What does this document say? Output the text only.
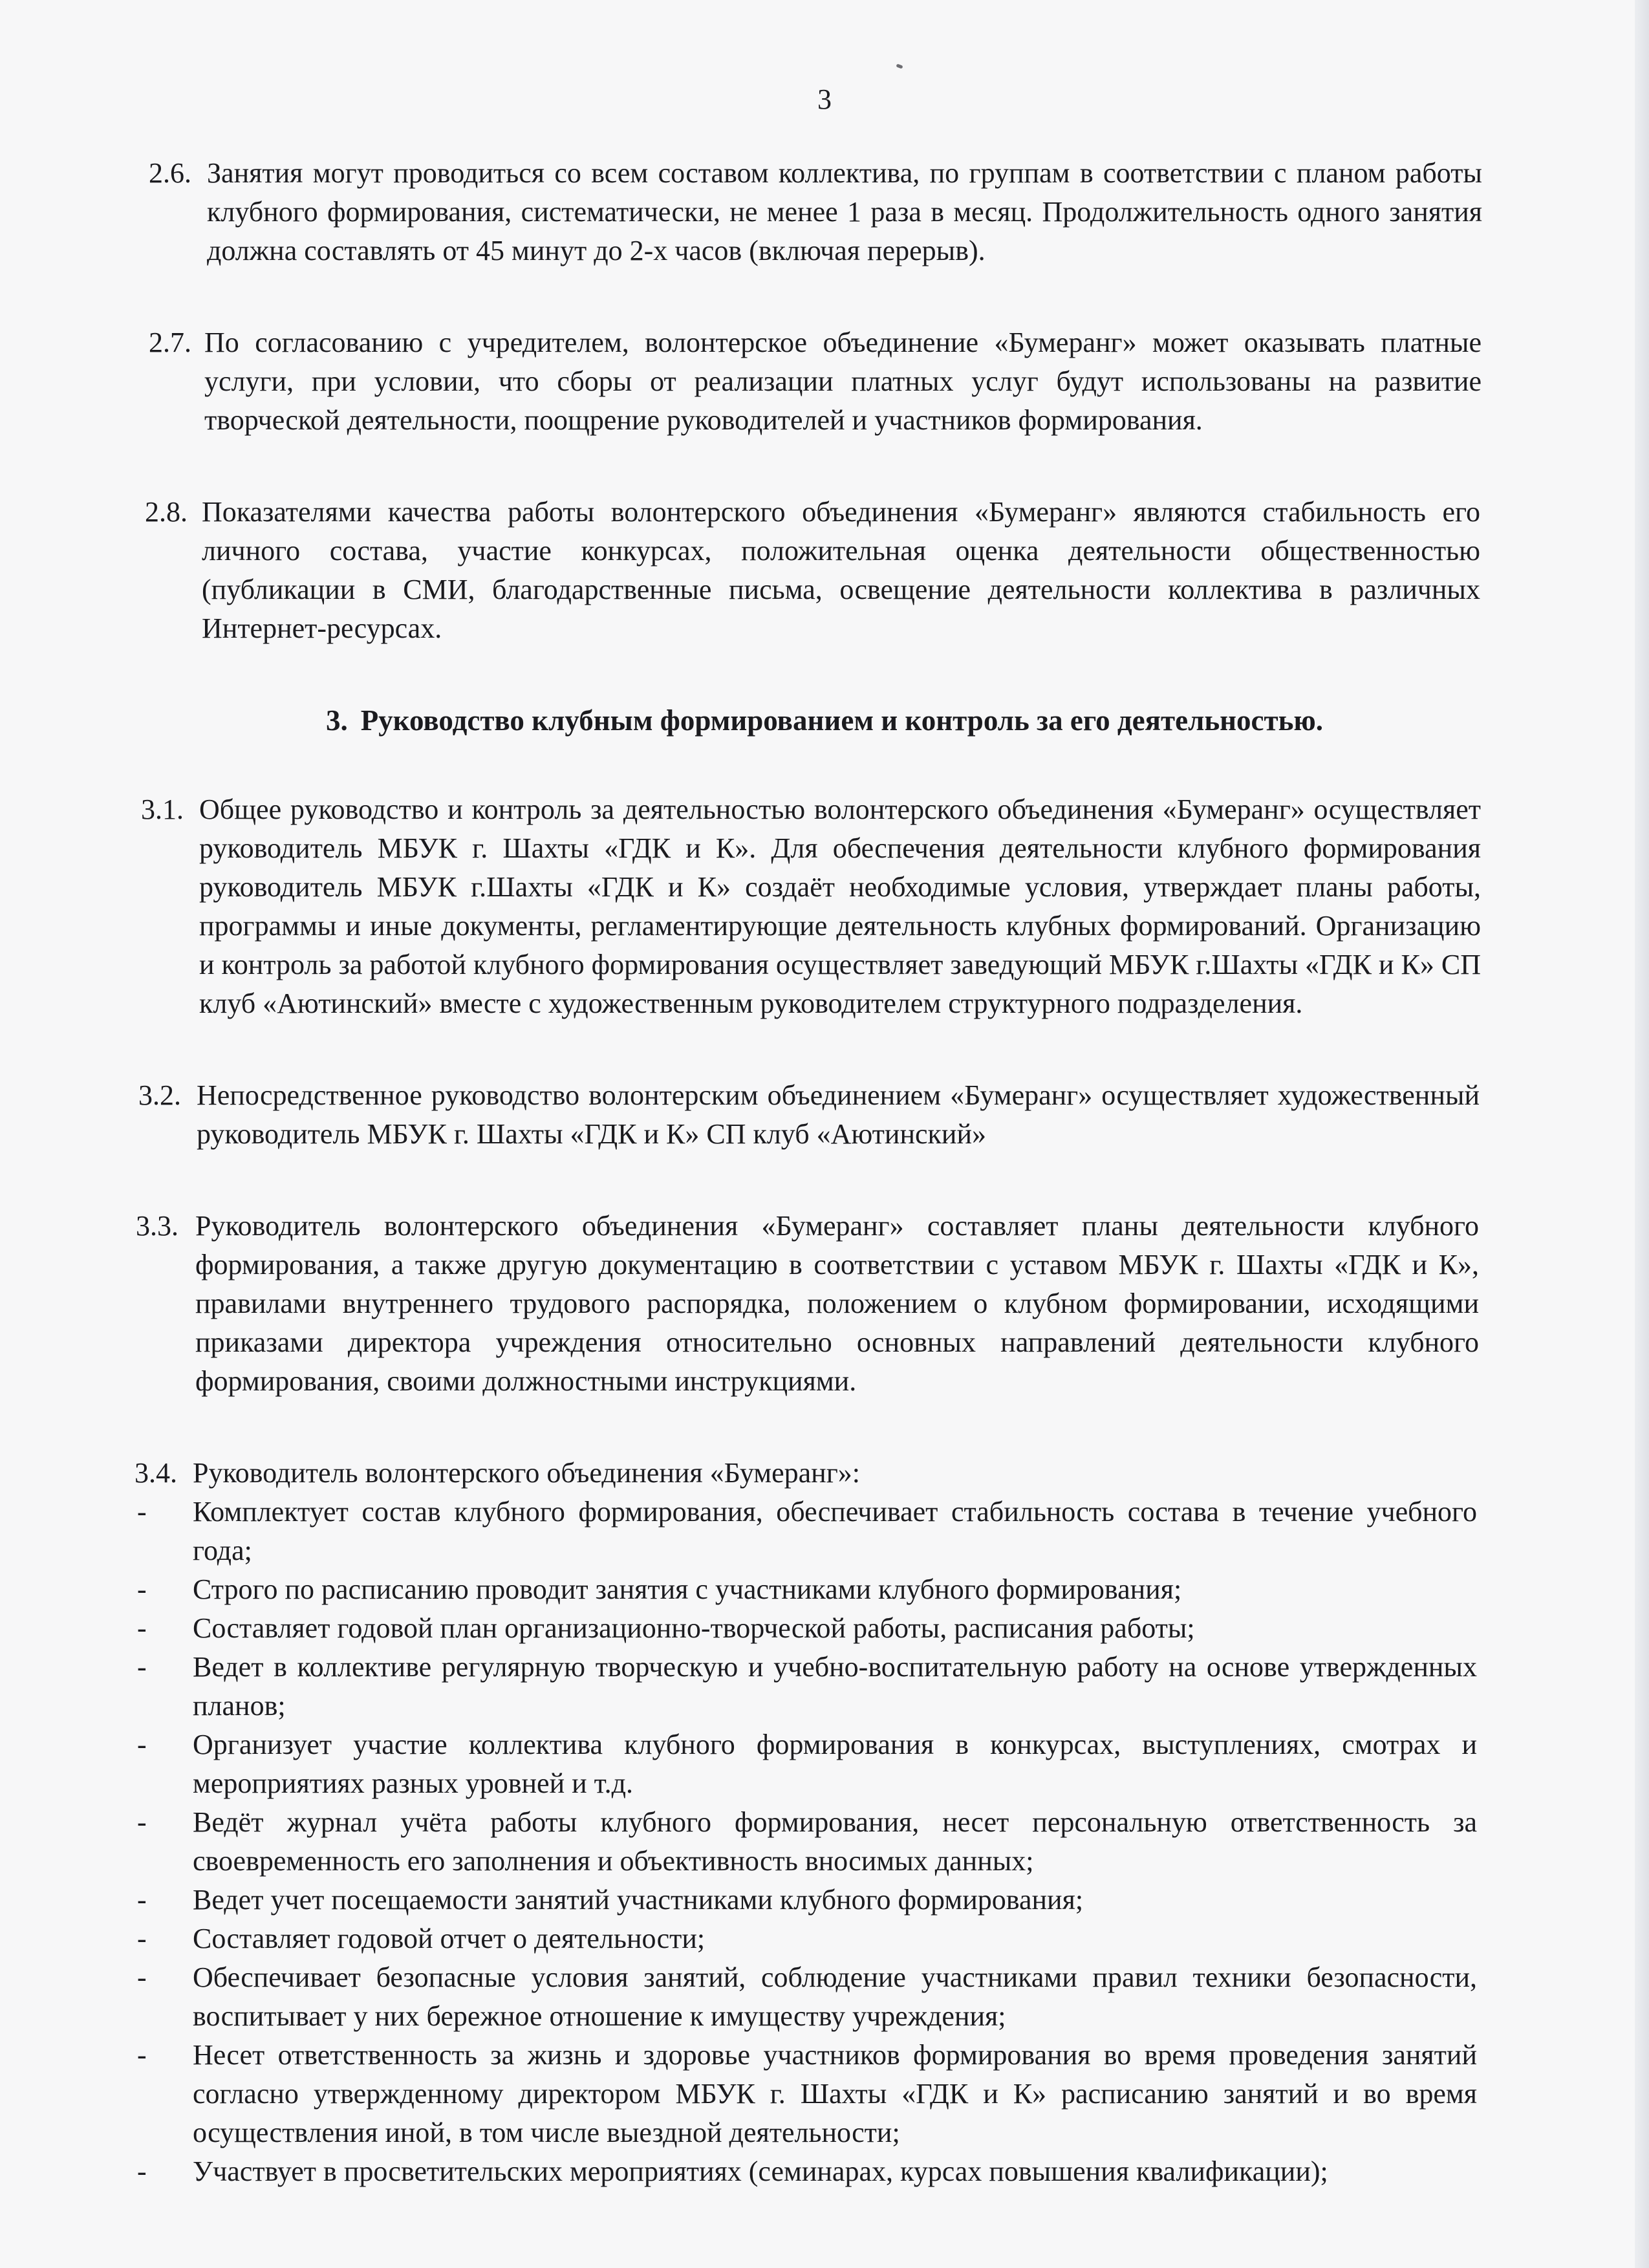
3
2.6. Занятия могут проводиться со всем составом коллектива, по группам в соответствии с планом работы клубного формирования, систематически, не менее 1 раза в месяц. Продолжительность одного занятия должна составлять от 45 минут до 2-х часов (включая перерыв).

2.7. По согласованию с учредителем, волонтерское объединение «Бумеранг» может оказывать платные услуги, при условии, что сборы от реализации платных услуг будут использованы на развитие творческой деятельности, поощрение руководителей и участников формирования.

2.8. Показателями качества работы волонтерского объединения «Бумеранг» являются стабильность его личного состава, участие конкурсах, положительная оценка деятельности общественностью (публикации в СМИ, благодарственные письма, освещение деятельности коллектива в различных Интернет-ресурсах.

3. Руководство клубным формированием и контроль за его деятельностью.
3.1. Общее руководство и контроль за деятельностью волонтерского объединения «Бумеранг» осуществляет руководитель МБУК г. Шахты «ГДК и К». Для обеспечения деятельности клубного формирования руководитель МБУК г.Шахты «ГДК и К» создаёт необходимые условия, утверждает планы работы, программы и иные документы, регламентирующие деятельность клубных формирований. Организацию и контроль за работой клубного формирования осуществляет заведующий МБУК г.Шахты «ГДК и К» СП клуб «Аютинский» вместе с художественным руководителем структурного подразделения.

3.2. Непосредственное руководство волонтерским объединением «Бумеранг» осуществляет художественный руководитель МБУК г. Шахты «ГДК и К» СП клуб «Аютинский»

3.3. Руководитель волонтерского объединения «Бумеранг» составляет планы деятельности клубного формирования, а также другую документацию в соответствии с уставом МБУК г. Шахты «ГДК и К», правилами внутреннего трудового распорядка, положением о клубном формировании, исходящими приказами директора учреждения относительно основных направлений деятельности клубного формирования, своими должностными инструкциями.

3.4. Руководитель волонтерского объединения «Бумеранг»:

- Комплектует состав клубного формирования, обеспечивает стабильность состава в течение учебного года;

- Строго по расписанию проводит занятия с участниками клубного формирования;

- Составляет годовой план организационно-творческой работы, расписания работы;

- Ведет в коллективе регулярную творческую и учебно-воспитательную работу на основе утвержденных планов;

- Организует участие коллектива клубного формирования в конкурсах, выступлениях, смотрах и мероприятиях разных уровней и т.д.

- Ведёт журнал учёта работы клубного формирования, несет персональную ответственность за своевременность его заполнения и объективность вносимых данных;

- Ведет учет посещаемости занятий участниками клубного формирования;

- Составляет годовой отчет о деятельности;

- Обеспечивает безопасные условия занятий, соблюдение участниками правил техники безопасности, воспитывает у них бережное отношение к имуществу учреждения;

- Несет ответственность за жизнь и здоровье участников формирования во время проведения занятий согласно утвержденному директором МБУК г. Шахты «ГДК и К» расписанию занятий и во время осуществления иной, в том числе выездной деятельности;

- Участвует в просветительских мероприятиях (семинарах, курсах повышения квалификации);
